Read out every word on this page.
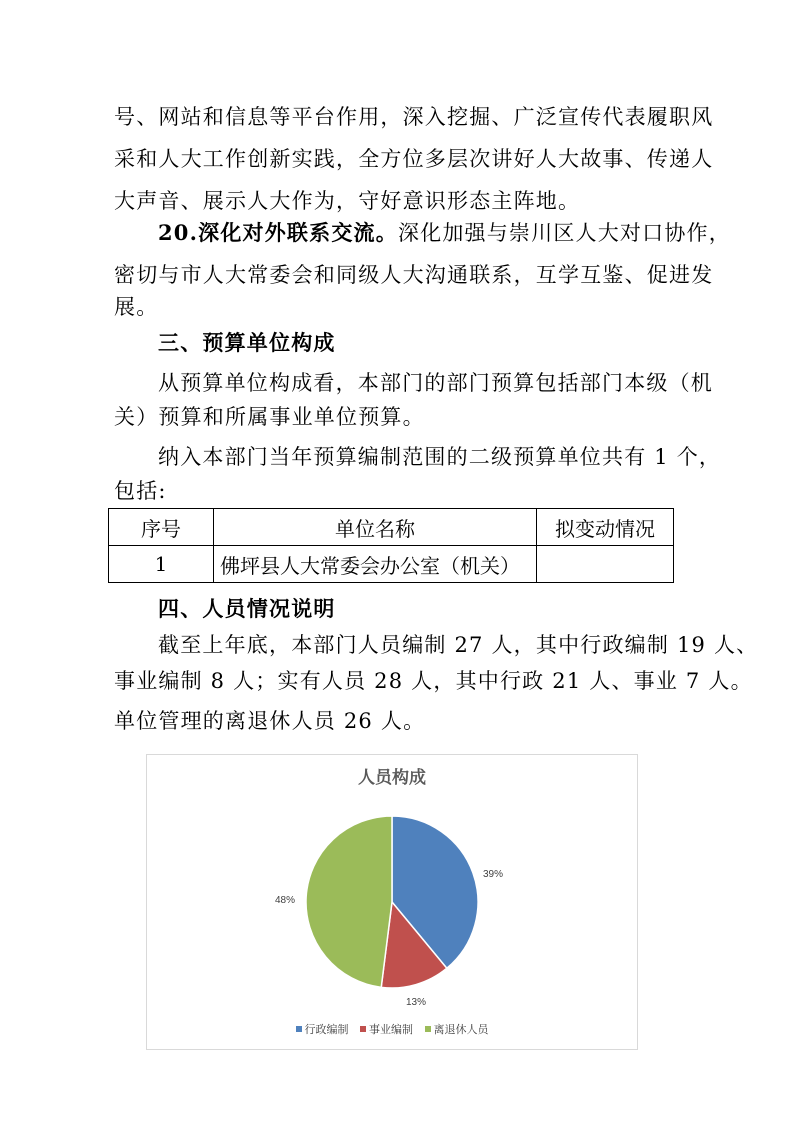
号、网站和信息等平台作用，深入挖掘、广泛宣传代表履职风

采和人大工作创新实践，全方位多层次讲好人大故事、传递人

大声音、展示人大作为，守好意识形态主阵地。

20.深化对外联系交流。深化加强与崇川区人大对口协作，

密切与市人大常委会和同级人大沟通联系，互学互鉴、促进发

展。

三、预算单位构成

从预算单位构成看，本部门的部门预算包括部门本级（机

关）预算和所属事业单位预算。

纳入本部门当年预算编制范围的二级预算单位共有 1 个，

包括:

序号	单位名称	拟变动情况
1	佛坪县人大常委会办公室（机关）	

四、人员情况说明

截至上年底，本部门人员编制 27 人，其中行政编制 19 人、

事业编制 8 人；实有人员 28 人，其中行政 21 人、事业 7 人。

单位管理的离退休人员 26 人。

人员构成
39%
13%
48%
行政编制 事业编制 离退休人员
